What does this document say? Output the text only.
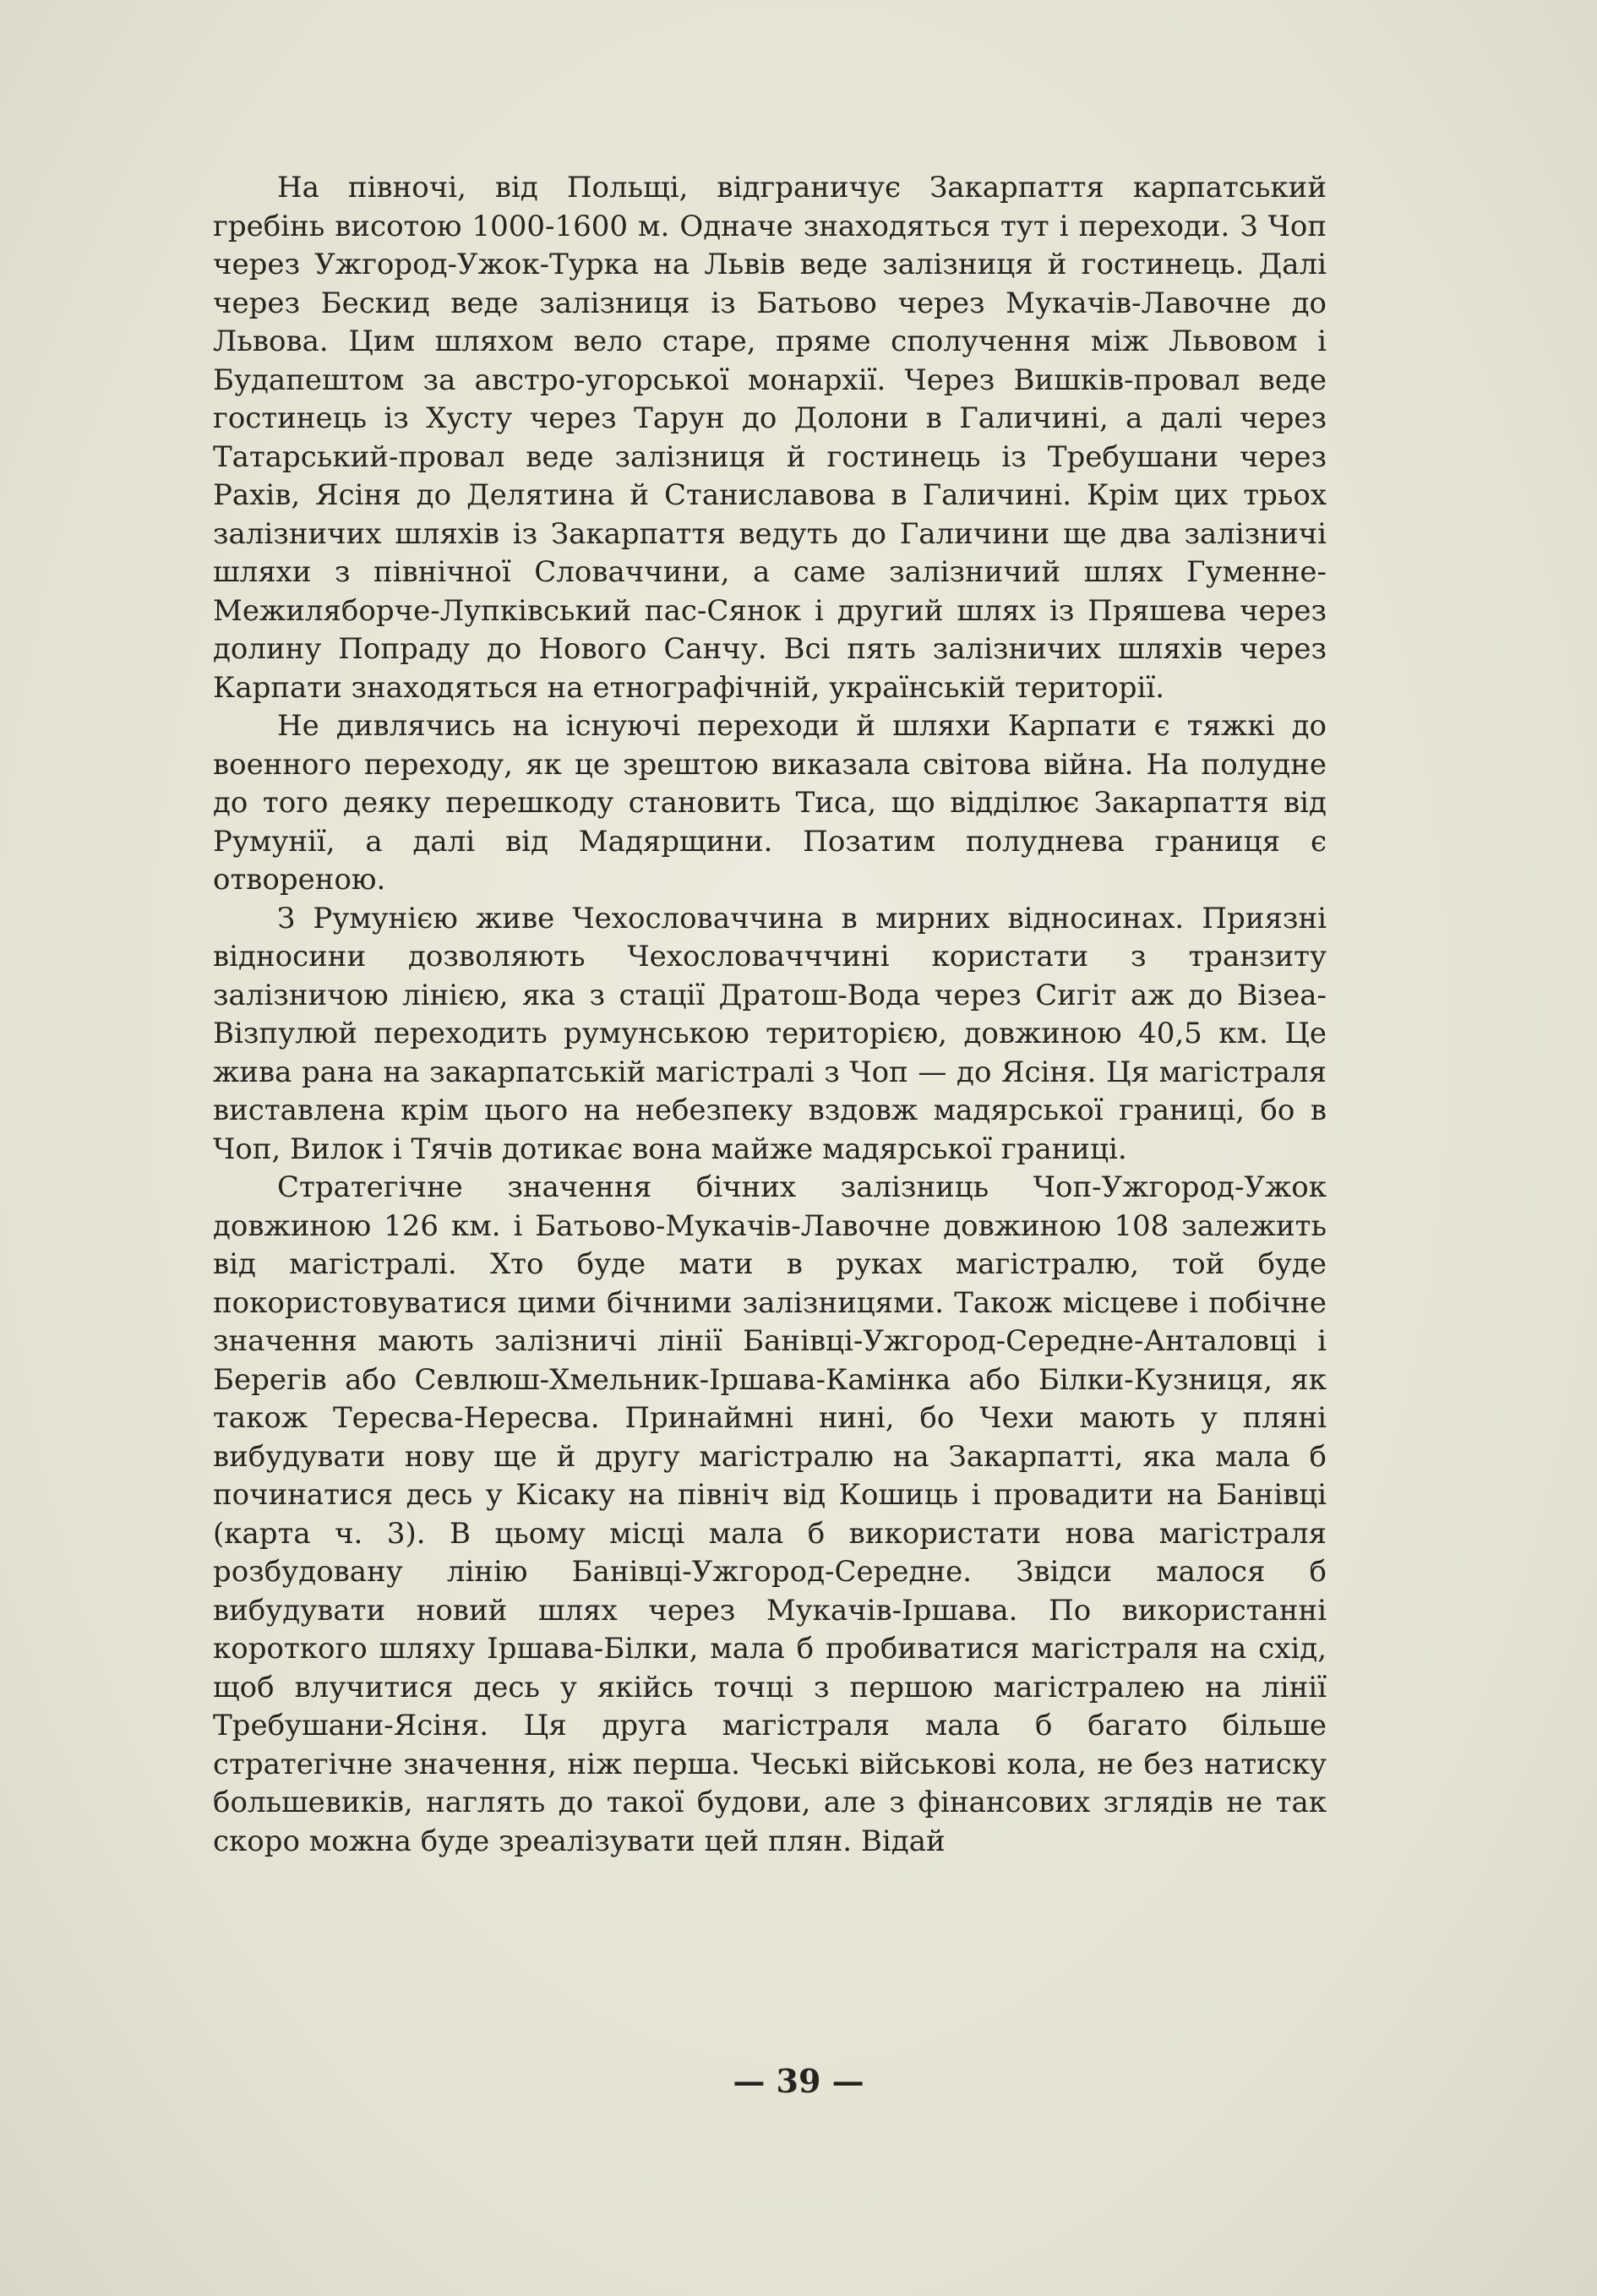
На півночі, від Польщі, відграничує Закарпаття карпатський гребінь висотою 1000-1600 м. Одначе знаходяться тут і переходи. З Чоп через Ужгород-Ужок-Турка на Львів веде залізниця й гостинець. Далі через Бескид веде залізниця із Батьово через Мукачів-Лавочне до Львова. Цим шляхом вело старе, пряме сполучення між Львовом і Будапештом за австро-угорської монархії. Через Вишків-провал веде гостинець із Хусту через Тарун до Долони в Галичині, а далі через Татарський-провал веде залізниця й гостинець із Требушани через Рахів, Ясіня до Делятина й Станиславова в Галичині. Крім цих трьох залізничих шляхів із Закарпаття ведуть до Галичини ще два залізничі шляхи з північної Словаччини, а саме залізничий шлях Гуменне-Межиляборче-Лупківський пас-Сянок і другий шлях із Пряшева через долину Попраду до Нового Санчу. Всі пять залізничих шляхів через Карпати знаходяться на етнографічній, українській території.

Не дивлячись на існуючі переходи й шляхи Карпати є тяжкі до военного переходу, як це зрештою виказала світова війна. На полудне до того деяку перешкоду становить Тиса, що відділює Закарпаття від Румунії, а далі від Мадярщини. Позатим полуднева границя є отвореною.

З Румунією живе Чехословаччина в мирних відносинах. Приязні відносини дозволяють Чехословачччині користати з транзиту залізничою лінією, яка з стації Дратош-Вода через Сигіт аж до Візеа-Візпулюй переходить румунською територією, довжиною 40,5 км. Це жива рана на закарпатській магістралі з Чоп — до Ясіня. Ця магістраля виставлена крім цього на небезпеку вздовж мадярської границі, бо в Чоп, Вилок і Тячів дотикає вона майже мадярської границі.

Стратегічне значення бічних залізниць Чоп-Ужгород-Ужок довжиною 126 км. і Батьово-Мукачів-Лавочне довжиною 108 залежить від магістралі. Хто буде мати в руках магістралю, той буде покористовуватися цими бічними залізницями. Також місцеве і побічне значення мають залізничі лінії Банівці-Ужгород-Середне-Анталовці і Берегів або Севлюш-Хмельник-Іршава-Камінка або Білки-Кузниця, як також Тересва-Нересва. Принаймні нині, бо Чехи мають у пляні вибудувати нову ще й другу магістралю на Закарпатті, яка мала б починатися десь у Кісаку на північ від Кошиць і провадити на Банівці (карта ч. 3). В цьому місці мала б використати нова магістраля розбудовану лінію Банівці-Ужгород-Середне. Звідси малося б вибудувати новий шлях через Мукачів-Іршава. По використанні короткого шляху Іршава-Білки, мала б пробиватися магістраля на схід, щоб влучитися десь у якійсь точці з першою магістралею на лінії Требушани-Ясіня. Ця друга магістраля мала б багато більше стратегічне значення, ніж перша. Чеські військові кола, не без натиску большевиків, наглять до такої будови, але з фінансових зглядів не так скоро можна буде зреалізувати цей плян. Відай

— 39 —
